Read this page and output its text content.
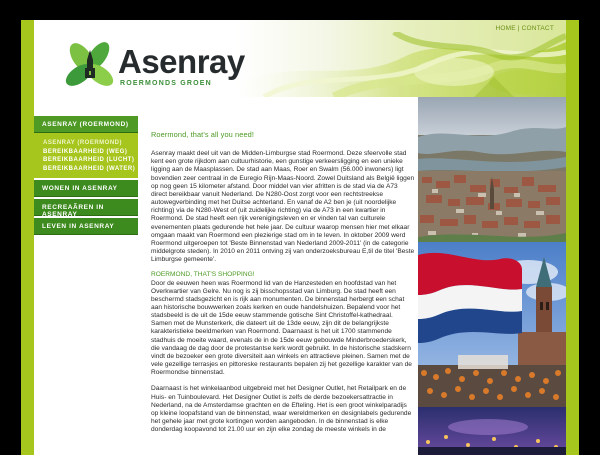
HOME | CONTACT
Asenray
ROERMONDS GROEN
ASENRAY (ROERMOND)
ASENRAY (ROERMOND)
BEREIKBAARHEID (WEG)
BEREIKBAARHEID (LUCHT)
BEREIKBAARHEID (WATER)
WONEN IN ASENRAY
RECREAÃREN IN ASENRAY
LEVEN IN ASENRAY
Roermond, that's all you need!

Asenray maakt deel uit van de Midden-Limburgse stad Roermond. Deze sfeervolle stad kent een grote rijkdom aan cultuurhistorie, een gunstige verkeersligging en een unieke ligging aan de Maasplassen. De stad aan Maas, Roer en Swalm (56.000 inwoners) ligt bovendien zeer centraal in de Euregio Rijn-Maas-Noord. Zowel Duitsland als België liggen op nog geen 15 kilometer afstand. Door middel van vier afritten is de stad via de A73 direct bereikbaar vanuit Nederland. De N280-Oost zorgt voor een rechtstreekse autowegverbinding met het Duitse achterland. En vanaf de A2 ben je (uit noordelijke richting) via de N280-West of (uit zuidelijke richting) via de A73 in een kwartier in Roermond. De stad heeft een rijk verenigingsleven en er vinden tal van culturele evenementen plaats gedurende het hele jaar. De cultuur waarop mensen hier met elkaar omgaan maakt van Roermond een plezierige stad om in te leven. In oktober 2009 werd Roermond uitgeroepen tot 'Beste Binnenstad van Nederland 2009-2011' (in de categorie middelgrote steden). In 2010 en 2011 ontving zij van onderzoeksbureau E,til de titel 'Beste Limburgse gemeente'.

ROERMOND, THAT'S SHOPPING!

Door de eeuwen heen was Roermond lid van de Hanzesteden en hoofdstad van het Overkwartier van Gelre. Nu nog is zij bisschopsstad van Limburg. De stad heeft een beschermd stadsgezicht en is rijk aan monumenten. De binnenstad herbergt een schat aan historische bouwwerken zoals kerken en oude handelshuizen. Bepalend voor het stadsbeeld is de uit de 15de eeuw stammende gotische Sint Christoffel-kathedraal. Samen met de Munsterkerk, die dateert uit de 13de eeuw, zijn dit de belangrijkste karakteristieke beeldmerken van Roermond. Daarnaast is het uit 1700 stammende stadhuis de moeite waard, evenals de in de 15de eeuw gebouwde Minderbroederskerk, die vandaag de dag door de protestantse kerk wordt gebruikt. In de historische stadskern vindt de bezoeker een grote diversiteit aan winkels en attractieve pleinen. Samen met de vele gezellige terrasjes en pittoreske restaurants bepalen zij het gezellige karakter van de Roermondse binnenstad.

Daarnaast is het winkelaanbod uitgebreid met het Designer Outlet, het Retailpark en de Huis- en Tuinboulevard. Het Designer Outlet is zelfs de derde bezoekersattractie in Nederland, na de Amsterdamse grachten en de Efteling. Het is een groot winkelparadijs op kleine loopafstand van de binnenstad, waar wereldmerken en designlabels gedurende het gehele jaar met grote kortingen worden aangeboden. In de binnenstad is elke donderdag koopavond tot 21.00 uur en zijn elke zondag de meeste winkels in de
